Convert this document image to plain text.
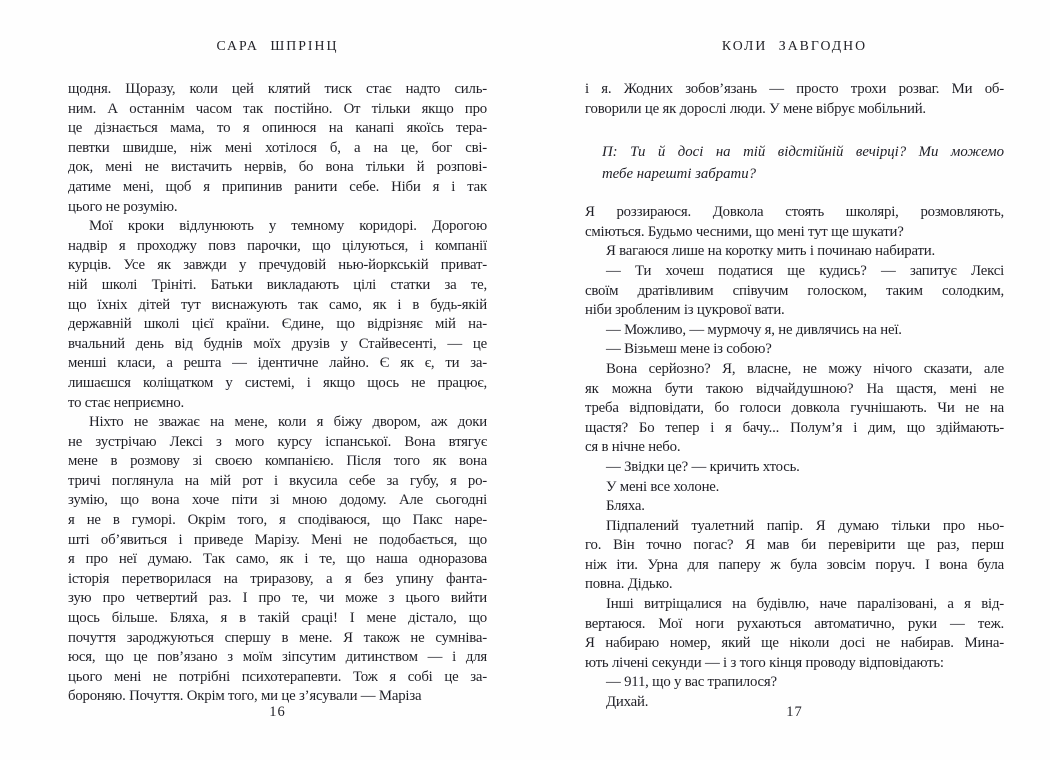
САРА ШПРІНЦ
щодня. Щоразу, коли цей клятий тиск стає надто силь-
ним. А останнім часом так постійно. От тільки якщо про
це дізнається мама, то я опинюся на канапі якоїсь тера-
певтки швидше, ніж мені хотілося б, а на це, бог сві-
док, мені не вистачить нервів, бо вона тільки й розпові-
датиме мені, щоб я припинив ранити себе. Ніби я і так
цього не розумію.
Мої кроки відлунюють у темному коридорі. Дорогою
надвір я проходжу повз парочки, що цілуються, і компанії
курців. Усе як завжди у пречудовій нью-йоркській приват-
ній школі Трініті. Батьки викладають цілі статки за те,
що їхніх дітей тут виснажують так само, як і в будь-якій
державній школі цієї країни. Єдине, що відрізняє мій на-
вчальний день від буднів моїх друзів у Стайвесенті, — це
менші класи, а решта — ідентичне лайно. Є як є, ти за-
лишаєшся коліщатком у системі, і якщо щось не працює,
то стає неприємно.
Ніхто не зважає на мене, коли я біжу двором, аж доки
не зустрічаю Лексі з мого курсу іспанської. Вона втягує
мене в розмову зі своєю компанією. Після того як вона
тричі поглянула на мій рот і вкусила себе за губу, я ро-
зумію, що вона хоче піти зі мною додому. Але сьогодні
я не в гуморі. Окрім того, я сподіваюся, що Пакс наре-
шті об’явиться і приведе Марізу. Мені не подобається, що
я про неї думаю. Так само, як і те, що наша одноразова
історія перетворилася на триразову, а я без упину фанта-
зую про четвертий раз. І про те, чи може з цього вийти
щось більше. Бляха, я в такій сраці! І мене дістало, що
почуття зароджуються спершу в мене. Я також не сумніва-
юся, що це пов’язано з моїм зіпсутим дитинством — і для
цього мені не потрібні психотерапевти. Тож я собі це за-
бороняю. Почуття. Окрім того, ми це з’ясували — Маріза
16
КОЛИ ЗАВГОДНО
і я. Жодних зобов’язань — просто трохи розваг. Ми об-
говорили це як дорослі люди. У мене вібрує мобільний.
П: Ти й досі на тій відстійній вечірці? Ми можемо
тебе нарешті забрати?
Я роззираюся. Довкола стоять школярі, розмовляють,
сміються. Будьмо чесними, що мені тут ще шукати?
Я вагаюся лише на коротку мить і починаю набирати.
— Ти хочеш податися ще кудись? — запитує Лексі
своїм дратівливим співучим голоском, таким солодким,
ніби зробленим із цукрової вати.
— Можливо, — мурмочу я, не дивлячись на неї.
— Візьмеш мене із собою?
Вона серйозно? Я, власне, не можу нічого сказати, але
як можна бути такою відчайдушною? На щастя, мені не
треба відповідати, бо голоси довкола гучнішають. Чи не на
щастя? Бо тепер і я бачу... Полум’я і дим, що здіймають-
ся в нічне небо.
— Звідки це? — кричить хтось.
У мені все холоне.
Бляха.
Підпалений туалетний папір. Я думаю тільки про ньо-
го. Він точно погас? Я мав би перевірити ще раз, перш
ніж іти. Урна для паперу ж була зовсім поруч. І вона була
повна. Дідько.
Інші витріщалися на будівлю, наче паралізовані, а я від-
вертаюся. Мої ноги рухаються автоматично, руки — теж.
Я набираю номер, який ще ніколи досі не набирав. Мина-
ють лічені секунди — і з того кінця проводу відповідають:
— 911, що у вас трапилося?
Дихай.
17
